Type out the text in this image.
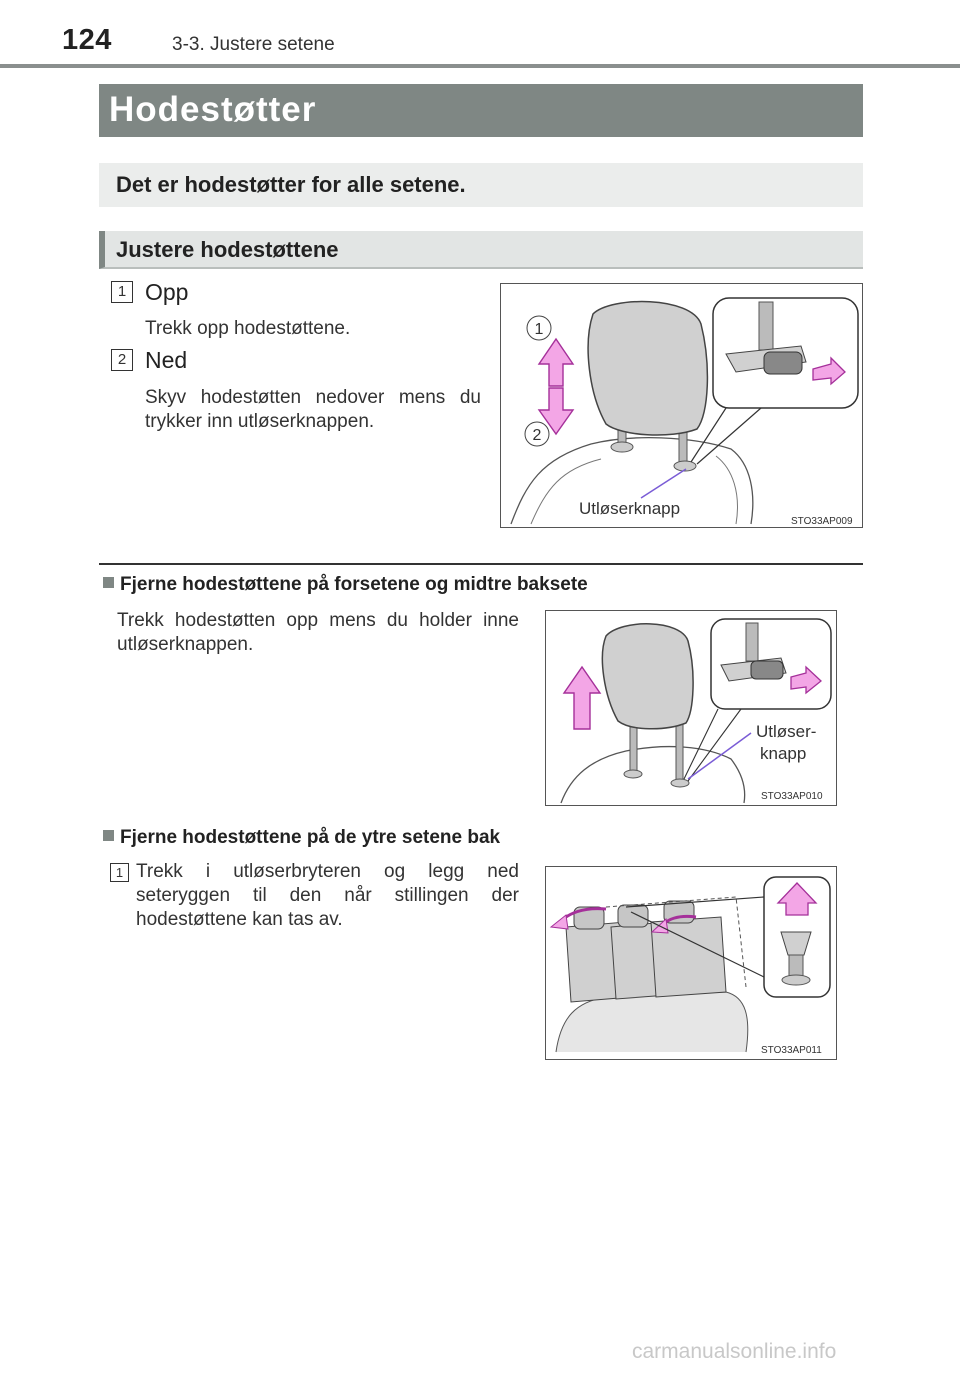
124	3-3. Justere setene
Hodestøtter
Det er hodestøtter for alle setene.
Justere hodestøttene
1 Opp
Trekk opp hodestøttene.
2 Ned
Skyv hodestøtten nedover mens du trykker inn utløserknappen.
1
2
Utløserknapp
STO33AP009
Fjerne hodestøttene på forsetene og midtre baksete
Trekk hodestøtten opp mens du holder inne utløserknappen.
Utløser-
knapp
STO33AP010
Fjerne hodestøttene på de ytre setene bak
1 Trekk i utløserbryteren og legg ned seteryggen til den når stillingen der hodestøttene kan tas av.
STO33AP011
carmanualsonline.info
